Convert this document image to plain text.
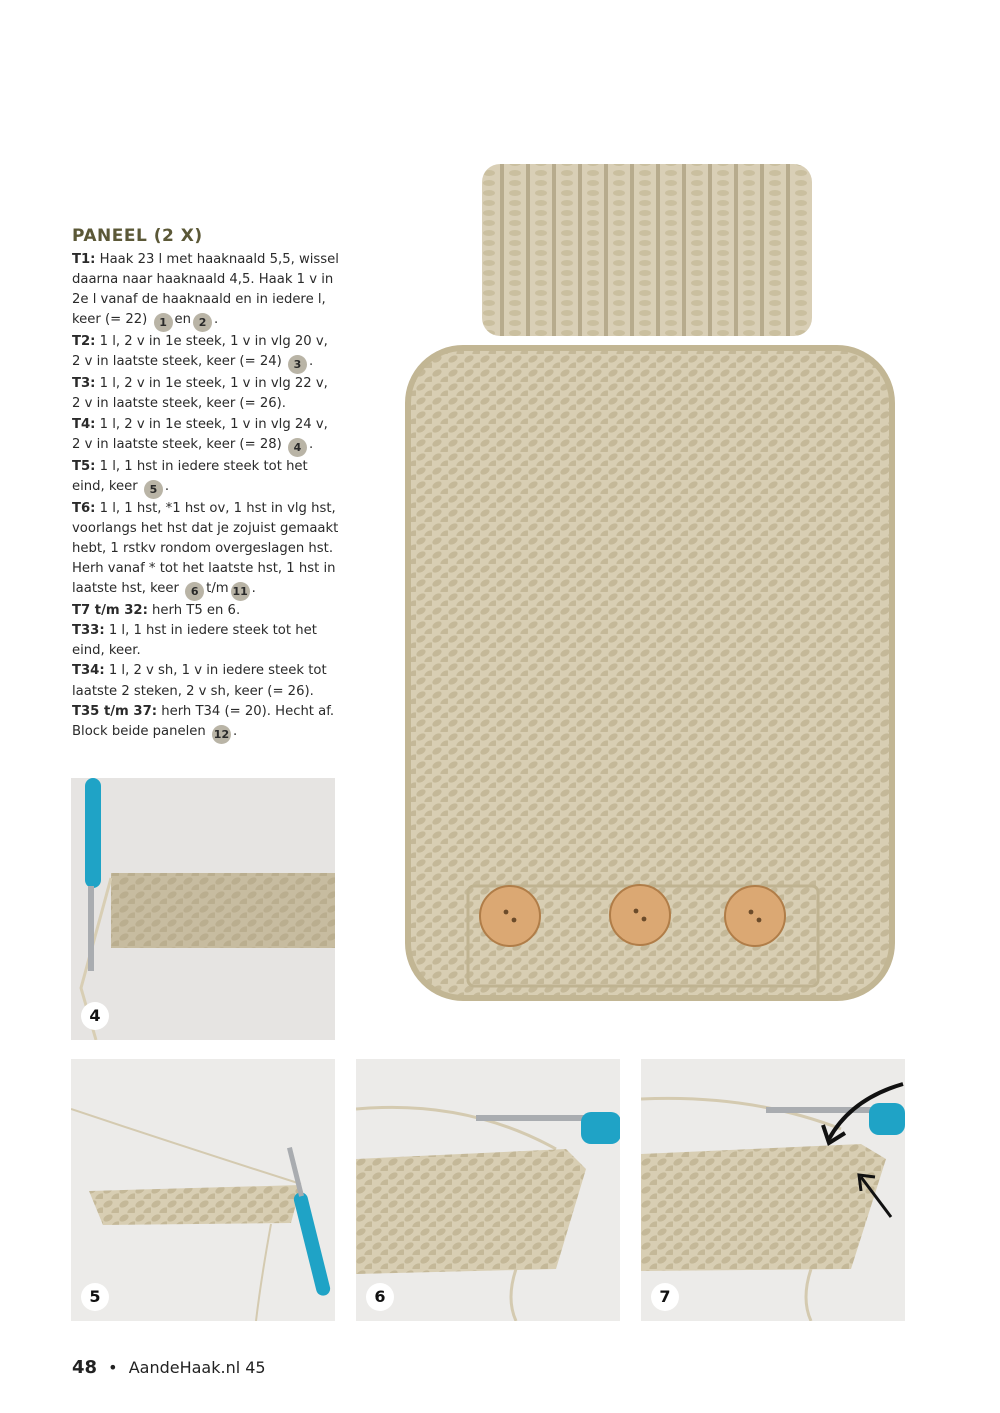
PANEEL (2 X)

T1: Haak 23 l met haaknaald 5,5, wissel daarna naar haaknaald 4,5. Haak 1 v in 2e l vanaf de haaknaald en in iedere l, keer (= 22) 1 en 2 .

T2: 1 l, 2 v in 1e steek, 1 v in vlg 20 v, 2 v in laatste steek, keer (= 24) 3 .

T3: 1 l, 2 v in 1e steek, 1 v in vlg 22 v, 2 v in laatste steek, keer (= 26).

T4: 1 l, 2 v in 1e steek, 1 v in vlg 24 v, 2 v in laatste steek, keer (= 28) 4 .

T5: 1 l, 1 hst in iedere steek tot het eind, keer 5 .

T6: 1 l, 1 hst, *1 hst ov, 1 hst in vlg hst, voorlangs het hst dat je zojuist gemaakt hebt, 1 rstkv rondom overgeslagen hst. Herh vanaf * tot het laatste hst, 1 hst in laatste hst, keer 6 t/m 11 .

T7 t/m 32: herh T5 en 6.

T33: 1 l, 1 hst in iedere steek tot het eind, keer.

T34: 1 l, 2 v sh, 1 v in iedere steek tot laatste 2 steken, 2 v sh, keer (= 26).

T35 t/m 37: herh T34 (= 20). Hecht af. Block beide panelen 12 .

4
5	6	7
48 • AandeHaak.nl 45
